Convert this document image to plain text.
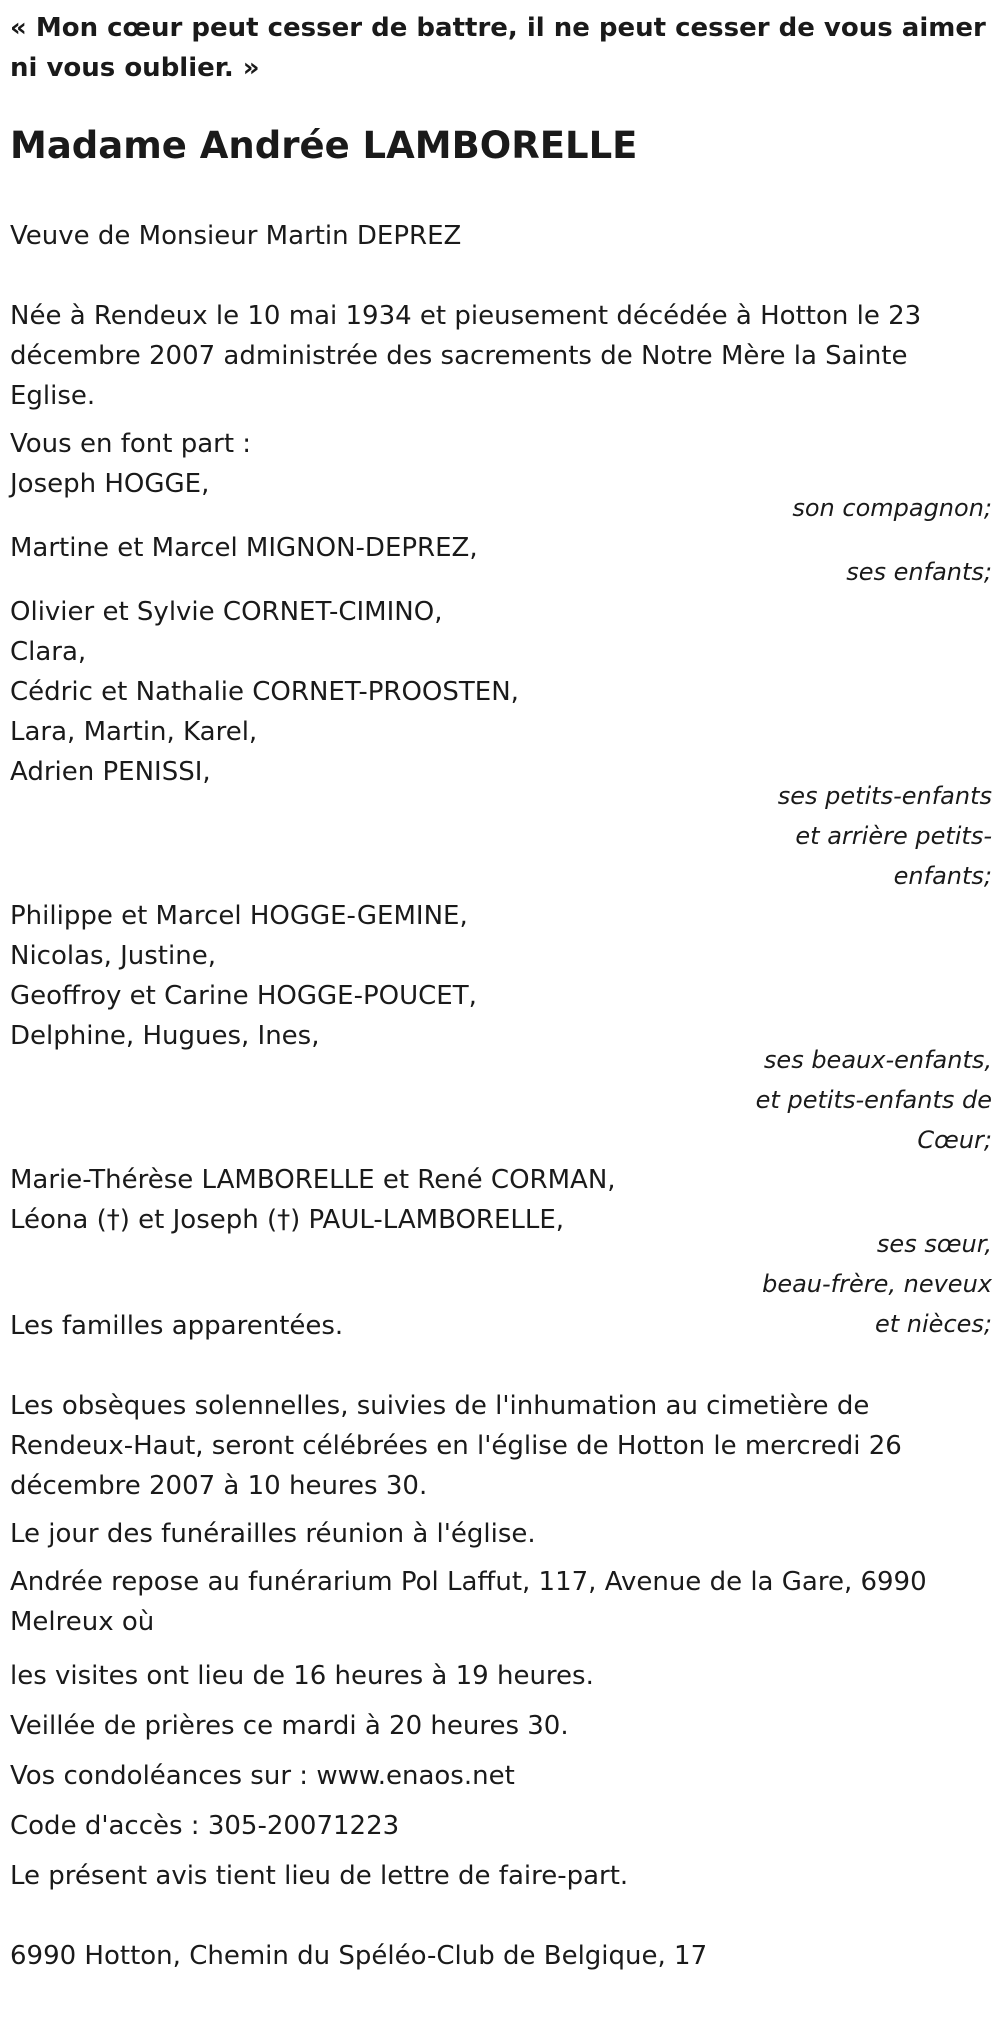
« Mon cœur peut cesser de battre, il ne peut cesser de vous aimer ni vous oublier. »

Madame Andrée LAMBORELLE

Veuve de Monsieur Martin DEPREZ

Née à Rendeux le 10 mai 1934 et pieusement décédée à Hotton le 23 décembre 2007 administrée des sacrements de Notre Mère la Sainte Eglise.

Vous en font part :

Joseph HOGGE,

son compagnon;

Martine et Marcel MIGNON-DEPREZ,

ses enfants;

Olivier et Sylvie CORNET-CIMINO,

Clara,

Cédric et Nathalie CORNET-PROOSTEN,

Lara, Martin, Karel,

Adrien PENISSI,

ses petits-enfants
et arrière petits-
enfants;

Philippe et Marcel HOGGE-GEMINE,

Nicolas, Justine,

Geoffroy et Carine HOGGE-POUCET,

Delphine, Hugues, Ines,

ses beaux-enfants,
et petits-enfants de
Cœur;

Marie-Thérèse LAMBORELLE et René CORMAN,

Léona (†) et Joseph (†) PAUL-LAMBORELLE,

ses sœur,
beau-frère, neveux
et nièces;

Les familles apparentées.

Les obsèques solennelles, suivies de l'inhumation au cimetière de Rendeux-Haut, seront célébrées en l'église de Hotton le mercredi 26 décembre 2007 à 10 heures 30.

Le jour des funérailles réunion à l'église.

Andrée repose au funérarium Pol Laffut, 117, Avenue de la Gare, 6990 Melreux où

les visites ont lieu de 16 heures à 19 heures.

Veillée de prières ce mardi à 20 heures 30.

Vos condoléances sur : www.enaos.net

Code d'accès : 305-20071223

Le présent avis tient lieu de lettre de faire-part.

6990 Hotton, Chemin du Spéléo-Club de Belgique, 17
